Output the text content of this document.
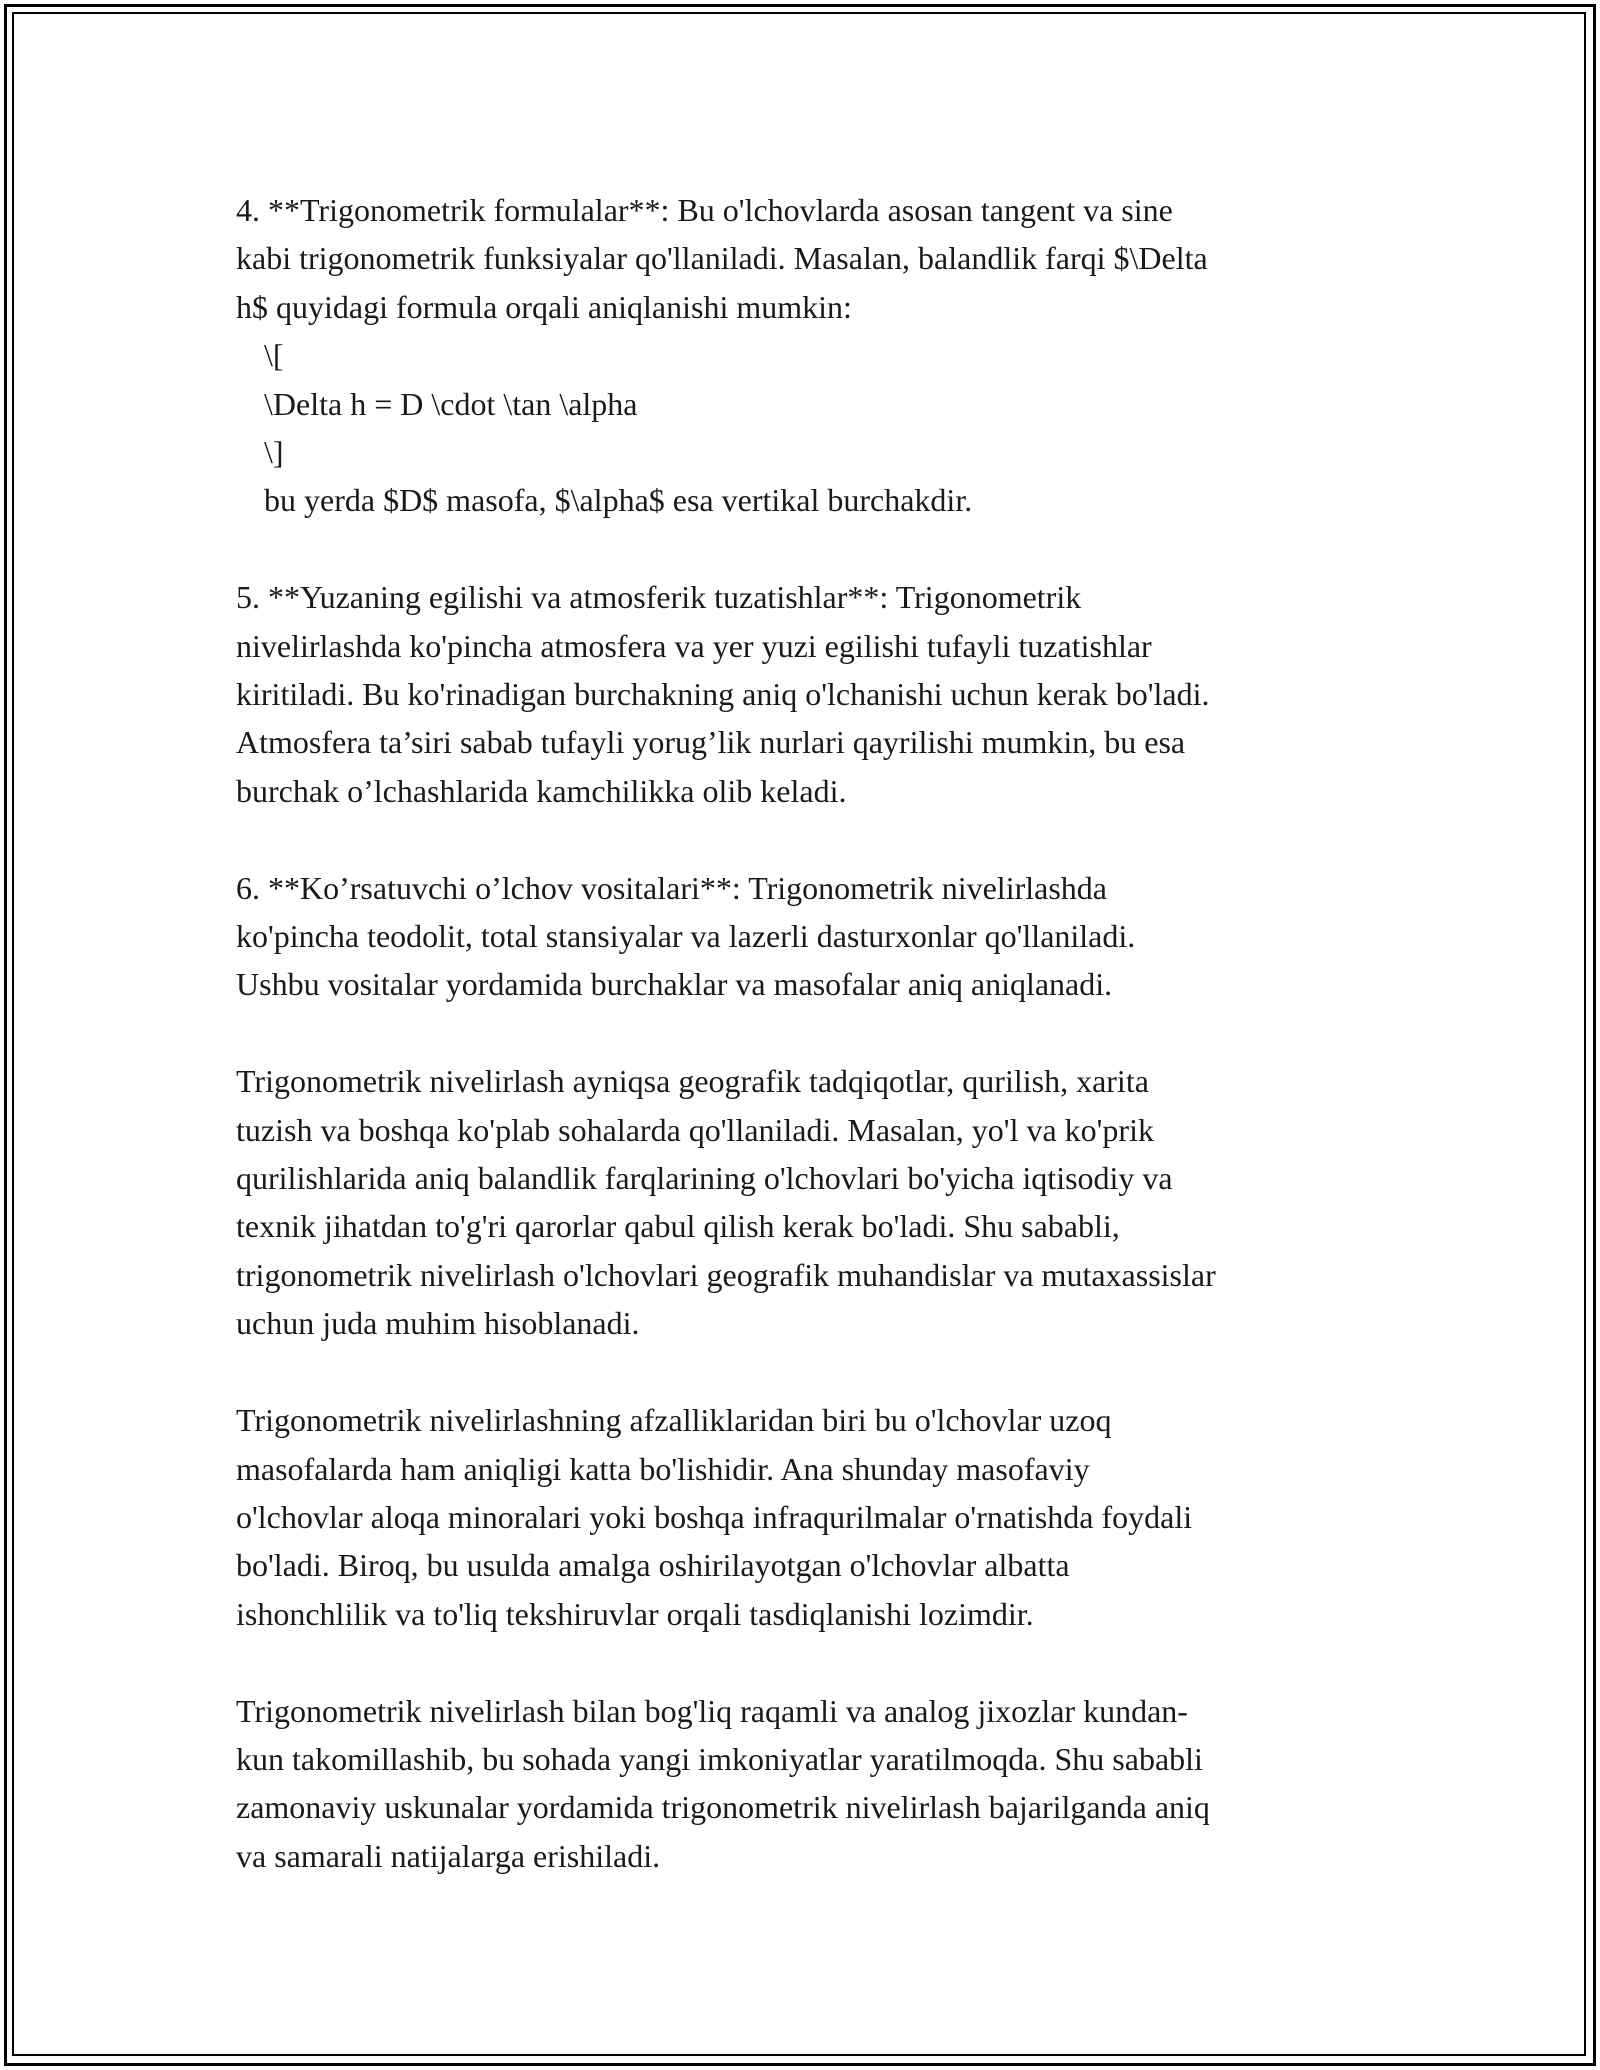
4. **Trigonometrik formulalar**: Bu o'lchovlarda asosan tangent va sine
kabi trigonometrik funksiyalar qo'llaniladi. Masalan, balandlik farqi $\Delta
h$ quyidagi formula orqali aniqlanishi mumkin:
\[
\Delta h = D \cdot \tan \alpha
\]
bu yerda $D$ masofa, $\alpha$ esa vertikal burchakdir.
5. **Yuzaning egilishi va atmosferik tuzatishlar**: Trigonometrik
nivelirlashda ko'pincha atmosfera va yer yuzi egilishi tufayli tuzatishlar
kiritiladi. Bu ko'rinadigan burchakning aniq o'lchanishi uchun kerak bo'ladi.
Atmosfera ta’siri sabab tufayli yorug’lik nurlari qayrilishi mumkin, bu esa
burchak o’lchashlarida kamchilikka olib keladi.
6. **Ko’rsatuvchi o’lchov vositalari**: Trigonometrik nivelirlashda
ko'pincha teodolit, total stansiyalar va lazerli dasturxonlar qo'llaniladi.
Ushbu vositalar yordamida burchaklar va masofalar aniq aniqlanadi.
Trigonometrik nivelirlash ayniqsa geografik tadqiqotlar, qurilish, xarita
tuzish va boshqa ko'plab sohalarda qo'llaniladi. Masalan, yo'l va ko'prik
qurilishlarida aniq balandlik farqlarining o'lchovlari bo'yicha iqtisodiy va
texnik jihatdan to'g'ri qarorlar qabul qilish kerak bo'ladi. Shu sababli,
trigonometrik nivelirlash o'lchovlari geografik muhandislar va mutaxassislar
uchun juda muhim hisoblanadi.
Trigonometrik nivelirlashning afzalliklaridan biri bu o'lchovlar uzoq
masofalarda ham aniqligi katta bo'lishidir. Ana shunday masofaviy
o'lchovlar aloqa minoralari yoki boshqa infraqurilmalar o'rnatishda foydali
bo'ladi. Biroq, bu usulda amalga oshirilayotgan o'lchovlar albatta
ishonchlilik va to'liq tekshiruvlar orqali tasdiqlanishi lozimdir.
Trigonometrik nivelirlash bilan bog'liq raqamli va analog jixozlar kundan-
kun takomillashib, bu sohada yangi imkoniyatlar yaratilmoqda. Shu sababli
zamonaviy uskunalar yordamida trigonometrik nivelirlash bajarilganda aniq
va samarali natijalarga erishiladi.
